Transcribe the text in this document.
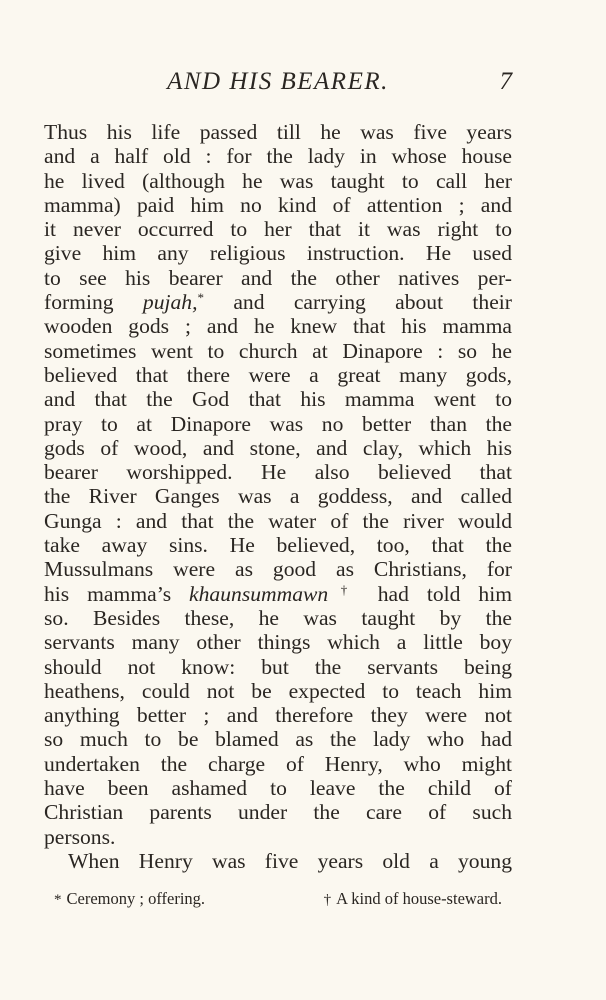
AND HIS BEARER.	7
Thus his life passed till he was five years
and a half old : for the lady in whose house
he lived (although he was taught to call her
mamma) paid him no kind of attention ; and
it never occurred to her that it was right to
give him any religious instruction. He used
to see his bearer and the other natives per-
forming pujah,* and carrying about their
wooden gods ; and he knew that his mamma
sometimes went to church at Dinapore : so he
believed that there were a great many gods,
and that the God that his mamma went to
pray to at Dinapore was no better than the
gods of wood, and stone, and clay, which his
bearer worshipped. He also believed that
the River Ganges was a goddess, and called
Gunga : and that the water of the river would
take away sins. He believed, too, that the
Mussulmans were as good as Christians, for
his mamma’s khaunsummawn† had told him
so. Besides these, he was taught by the
servants many other things which a little boy
should not know: but the servants being
heathens, could not be expected to teach him
anything better ; and therefore they were not
so much to be blamed as the lady who had
undertaken the charge of Henry, who might
have been ashamed to leave the child of
Christian parents under the care of such
persons.
When Henry was five years old a young
* Ceremony ; offering.	† A kind of house-steward.
